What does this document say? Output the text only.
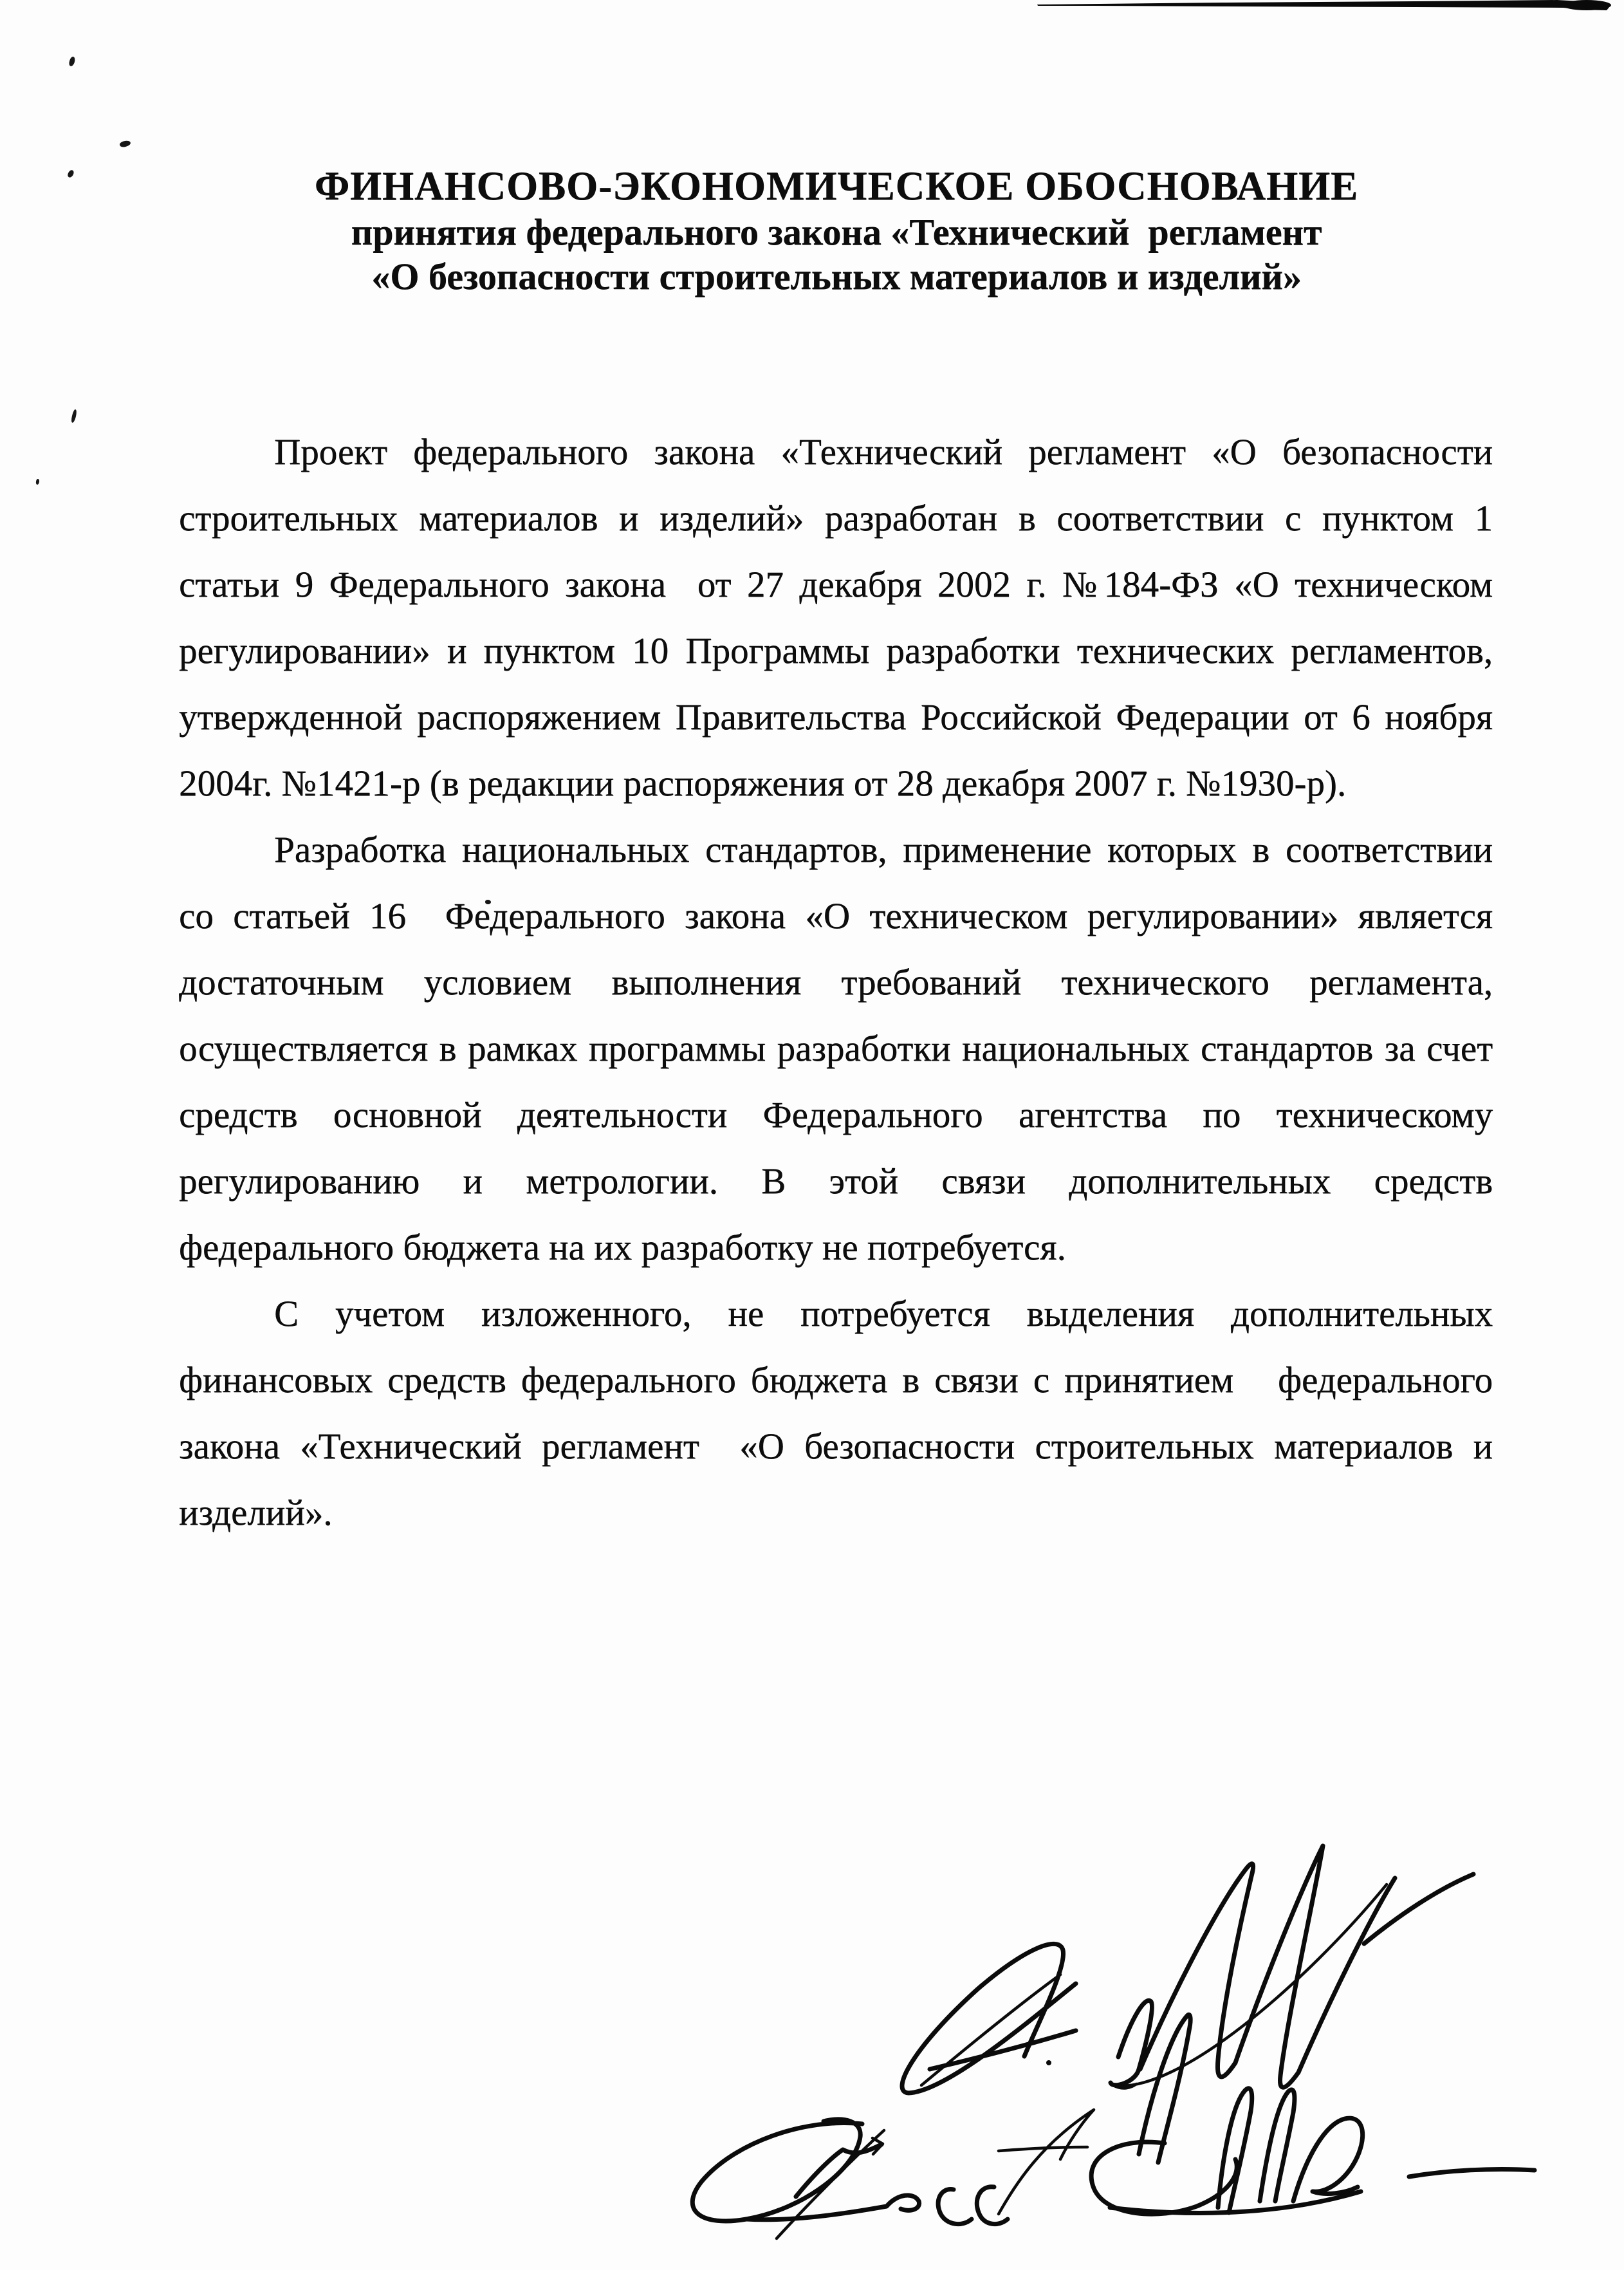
ФИНАНСОВО-ЭКОНОМИЧЕСКОЕ ОБОСНОВАНИЕ
принятия федерального закона «Технический  регламент
«О безопасности строительных материалов и изделий»

Проект федерального закона «Технический регламент «О безопасности
строительных материалов и изделий» разработан в соответствии с пунктом 1
статьи 9 Федерального закона  от 27 декабря 2002 г. №184-ФЗ «О техническом
регулировании» и пунктом 10 Программы разработки технических регламентов,
утвержденной распоряжением Правительства Российской Федерации от 6 ноября
2004г. №1421-р (в редакции распоряжения от 28 декабря 2007 г. №1930-р).

Разработка национальных стандартов, применение которых в соответствии
со статьей 16  Федерального закона «О техническом регулировании» является
достаточным условием выполнения требований технического регламента,
осуществляется в рамках программы разработки национальных стандартов за счет
средств основной деятельности Федерального агентства по техническому
регулированию и метрологии. В этой связи дополнительных средств
федерального бюджета на их разработку не потребуется.

С учетом изложенного, не потребуется выделения дополнительных
финансовых средств федерального бюджета в связи с принятием   федерального
закона «Технический регламент  «О безопасности строительных материалов и
изделий».
